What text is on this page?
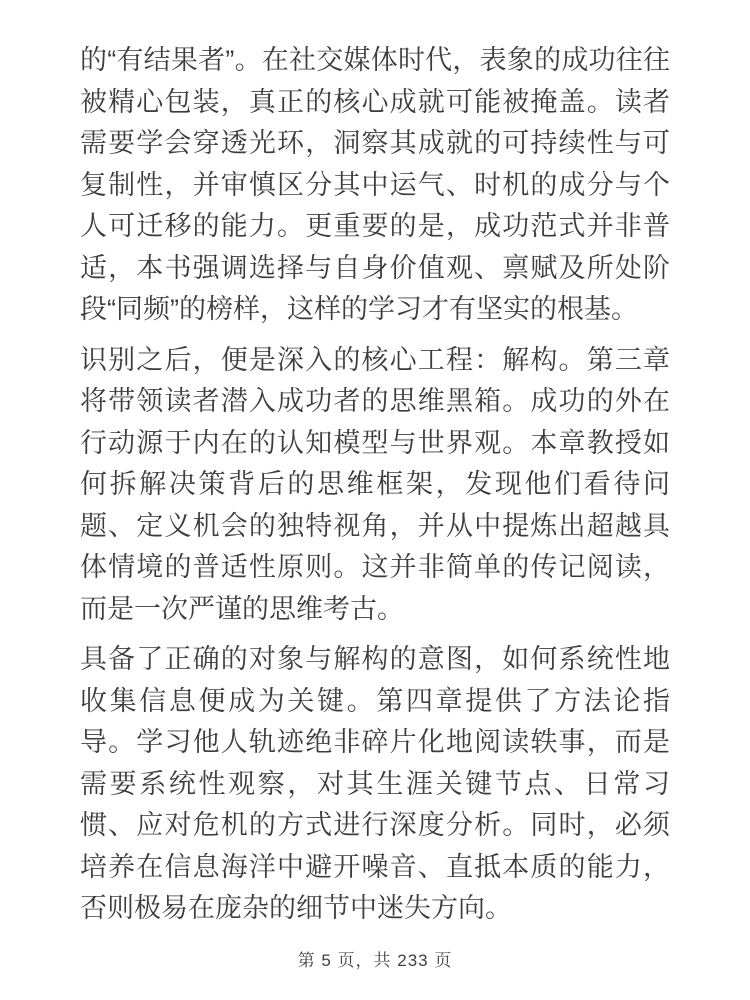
的“有结果者”。在社交媒体时代，表象的成功往往被精心包装，真正的核心成就可能被掩盖。读者需要学会穿透光环，洞察其成就的可持续性与可复制性，并审慎区分其中运气、时机的成分与个人可迁移的能力。更重要的是，成功范式并非普适，本书强调选择与自身价值观、禀赋及所处阶段“同频”的榜样，这样的学习才有坚实的根基。

识别之后，便是深入的核心工程：解构。第三章将带领读者潜入成功者的思维黑箱。成功的外在行动源于内在的认知模型与世界观。本章教授如何拆解决策背后的思维框架，发现他们看待问题、定义机会的独特视角，并从中提炼出超越具体情境的普适性原则。这并非简单的传记阅读，而是一次严谨的思维考古。

具备了正确的对象与解构的意图，如何系统性地收集信息便成为关键。第四章提供了方法论指导。学习他人轨迹绝非碎片化地阅读轶事，而是需要系统性观察，对其生涯关键节点、日常习惯、应对危机的方式进行深度分析。同时，必须培养在信息海洋中避开噪音、直抵本质的能力，否则极易在庞杂的细节中迷失方向。

第 5 页，共 233 页
